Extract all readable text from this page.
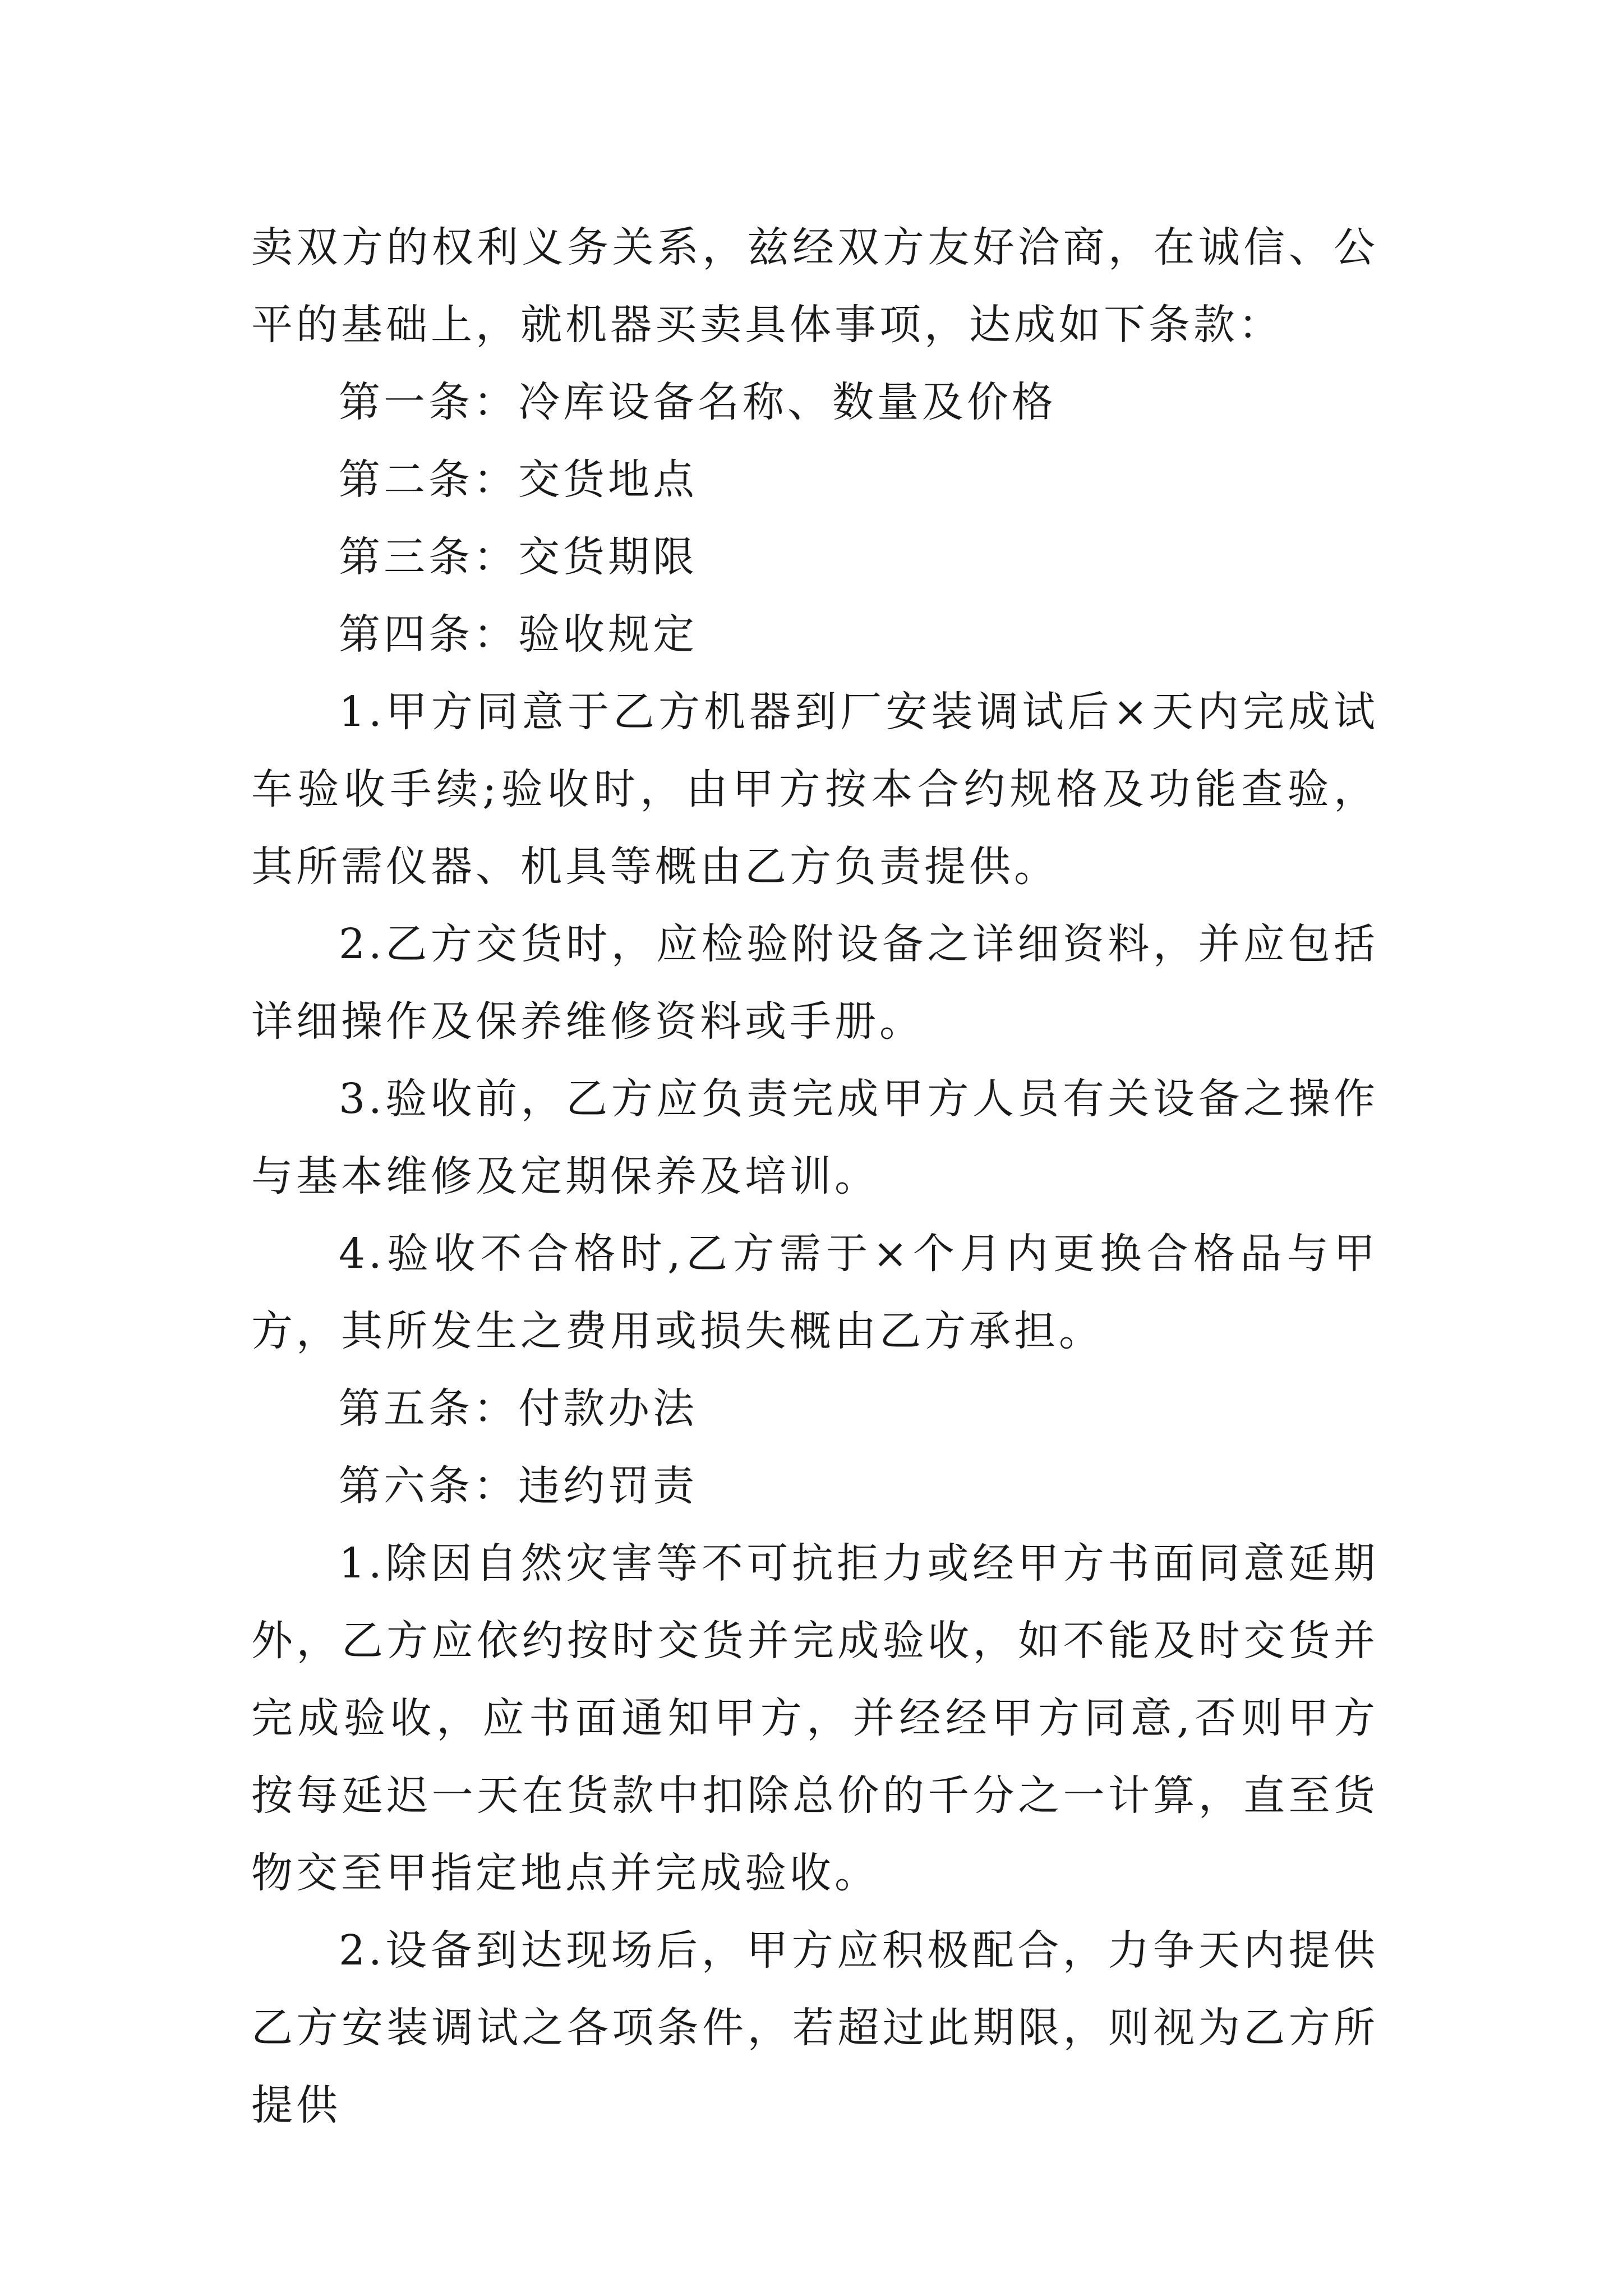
卖双方的权利义务关系，兹经双方友好洽商，在诚信、公平的基础上，就机器买卖具体事项，达成如下条款：

第一条：冷库设备名称、数量及价格

第二条：交货地点

第三条：交货期限

第四条：验收规定

1.甲方同意于乙方机器到厂安装调试后×天内完成试车验收手续;验收时，由甲方按本合约规格及功能查验，其所需仪器、机具等概由乙方负责提供。

2.乙方交货时，应检验附设备之详细资料，并应包括详细操作及保养维修资料或手册。

3.验收前，乙方应负责完成甲方人员有关设备之操作与基本维修及定期保养及培训。

4.验收不合格时,乙方需于×个月内更换合格品与甲方，其所发生之费用或损失概由乙方承担。

第五条：付款办法

第六条：违约罚责

1.除因自然灾害等不可抗拒力或经甲方书面同意延期外，乙方应依约按时交货并完成验收，如不能及时交货并完成验收，应书面通知甲方，并经经甲方同意,否则甲方按每延迟一天在货款中扣除总价的千分之一计算，直至货物交至甲指定地点并完成验收。

2.设备到达现场后，甲方应积极配合，力争天内提供乙方安装调试之各项条件，若超过此期限，则视为乙方所提供
